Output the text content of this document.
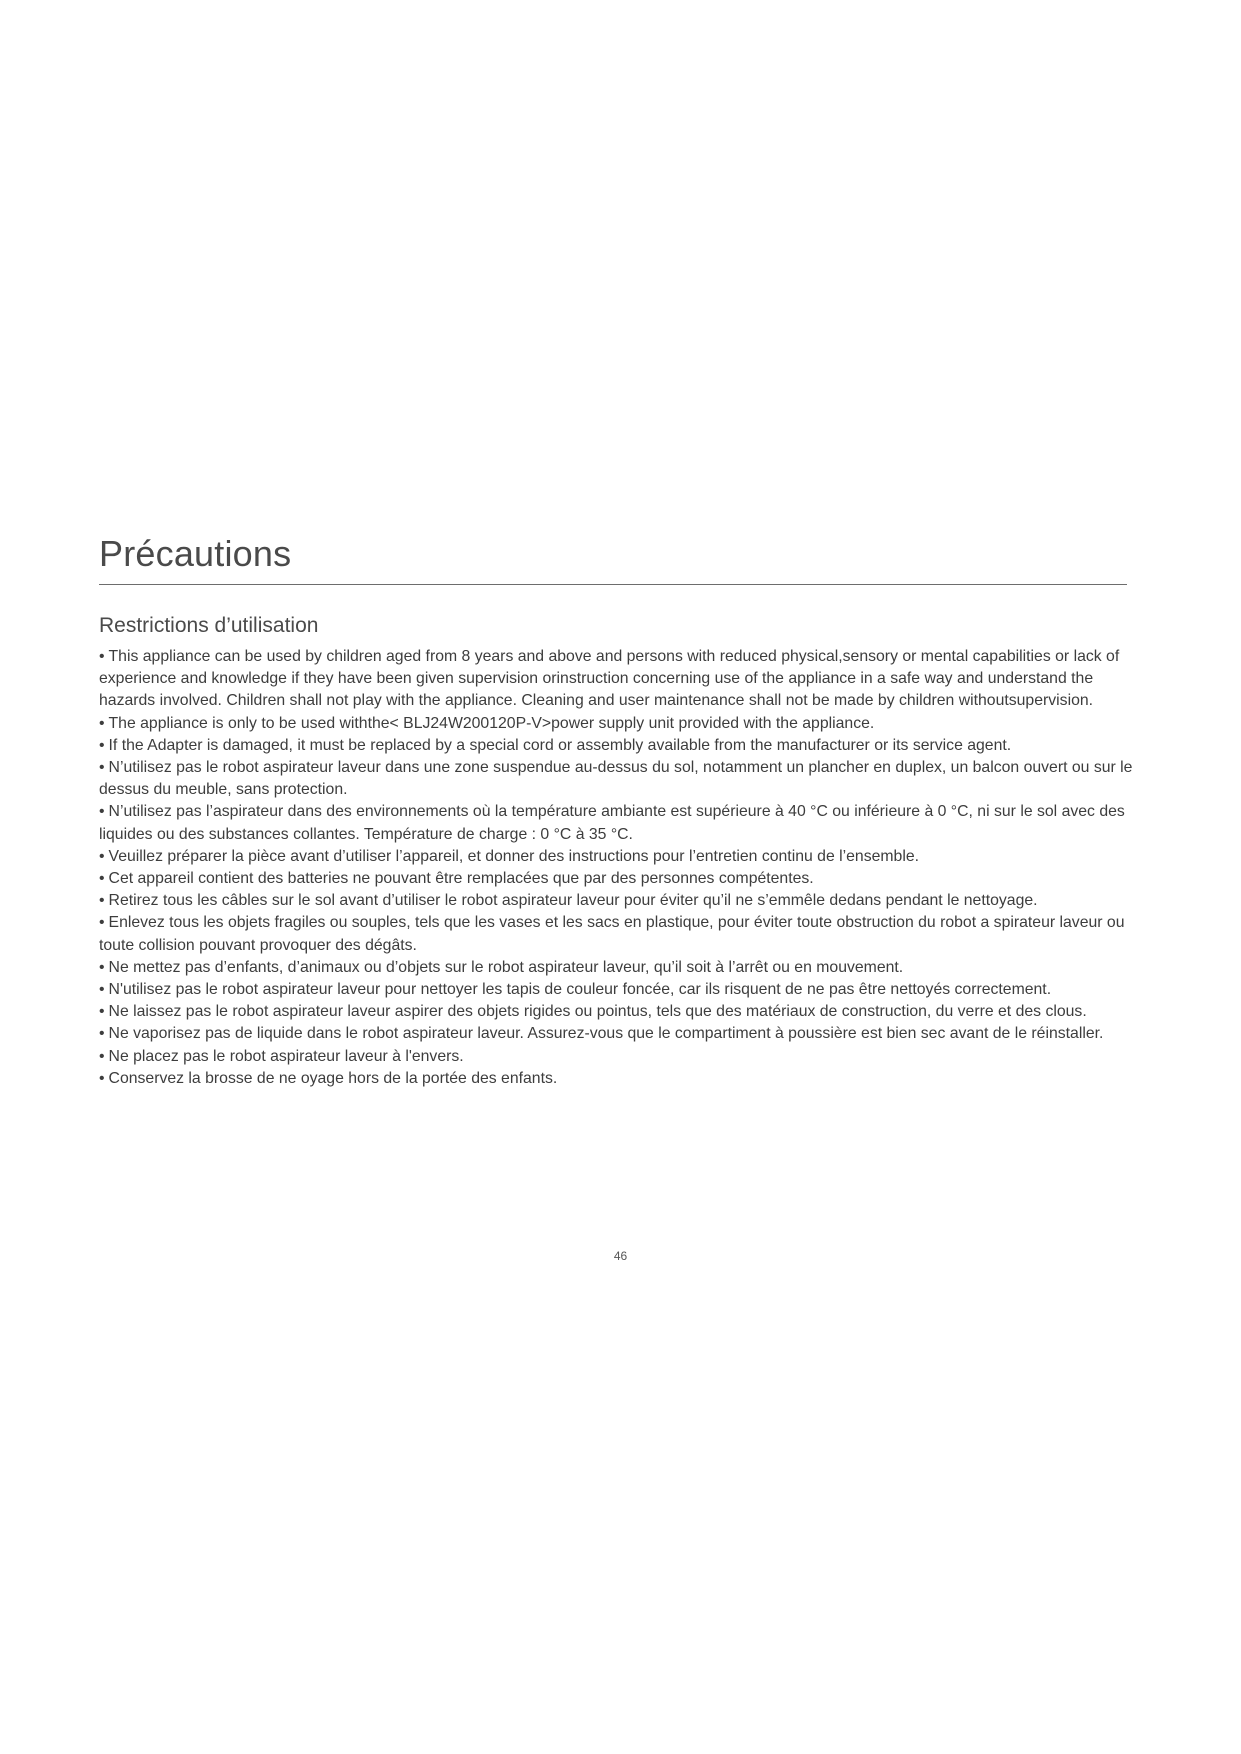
Précautions
Restrictions d’utilisation
• This appliance can be used by children aged from 8 years and above and persons with reduced physical,sensory or mental capabilities or lack of experience and knowledge if they have been given supervision orinstruction concerning use of the appliance in a safe way and understand the hazards involved. Children shall not play with the appliance. Cleaning and user maintenance shall not be made by children withoutsupervision.
• The appliance is only to be used withthe< BLJ24W200120P-V>power supply unit provided with the appliance.
• If the Adapter is damaged, it must be replaced by a special cord or assembly available from the manufacturer or its service agent.
• N’utilisez pas le robot aspirateur laveur dans une zone suspendue au-dessus du sol, notamment un plancher en duplex, un balcon ouvert ou sur le dessus du meuble, sans protection.
• N’utilisez pas l’aspirateur dans des environnements où la température ambiante est supérieure à 40 °C ou inférieure à 0 °C, ni sur le sol avec des liquides ou des substances collantes. Température de charge : 0 °C à 35 °C.
• Veuillez préparer la pièce avant d’utiliser l’appareil, et donner des instructions pour l’entretien continu de l’ensemble.
• Cet appareil contient des batteries ne pouvant être remplacées que par des personnes compétentes.
• Retirez tous les câbles sur le sol avant d’utiliser le robot aspirateur laveur pour éviter qu’il ne s’emmêle dedans pendant le nettoyage.
• Enlevez tous les objets fragiles ou souples, tels que les vases et les sacs en plastique, pour éviter toute obstruction du robot a spirateur laveur ou toute collision pouvant provoquer des dégâts.
• Ne mettez pas d’enfants, d’animaux ou d’objets sur le robot aspirateur laveur, qu’il soit à l’arrêt ou en mouvement.
• N'utilisez pas le robot aspirateur laveur pour nettoyer les tapis de couleur foncée, car ils risquent de ne pas être nettoyés correctement.
• Ne laissez pas le robot aspirateur laveur aspirer des objets rigides ou pointus, tels que des matériaux de construction, du verre et des clous.
• Ne vaporisez pas de liquide dans le robot aspirateur laveur. Assurez-vous que le compartiment à poussière est bien sec avant de le réinstaller.
• Ne placez pas le robot aspirateur laveur à l'envers.
• Conservez la brosse de ne oyage hors de la portée des enfants.
46
